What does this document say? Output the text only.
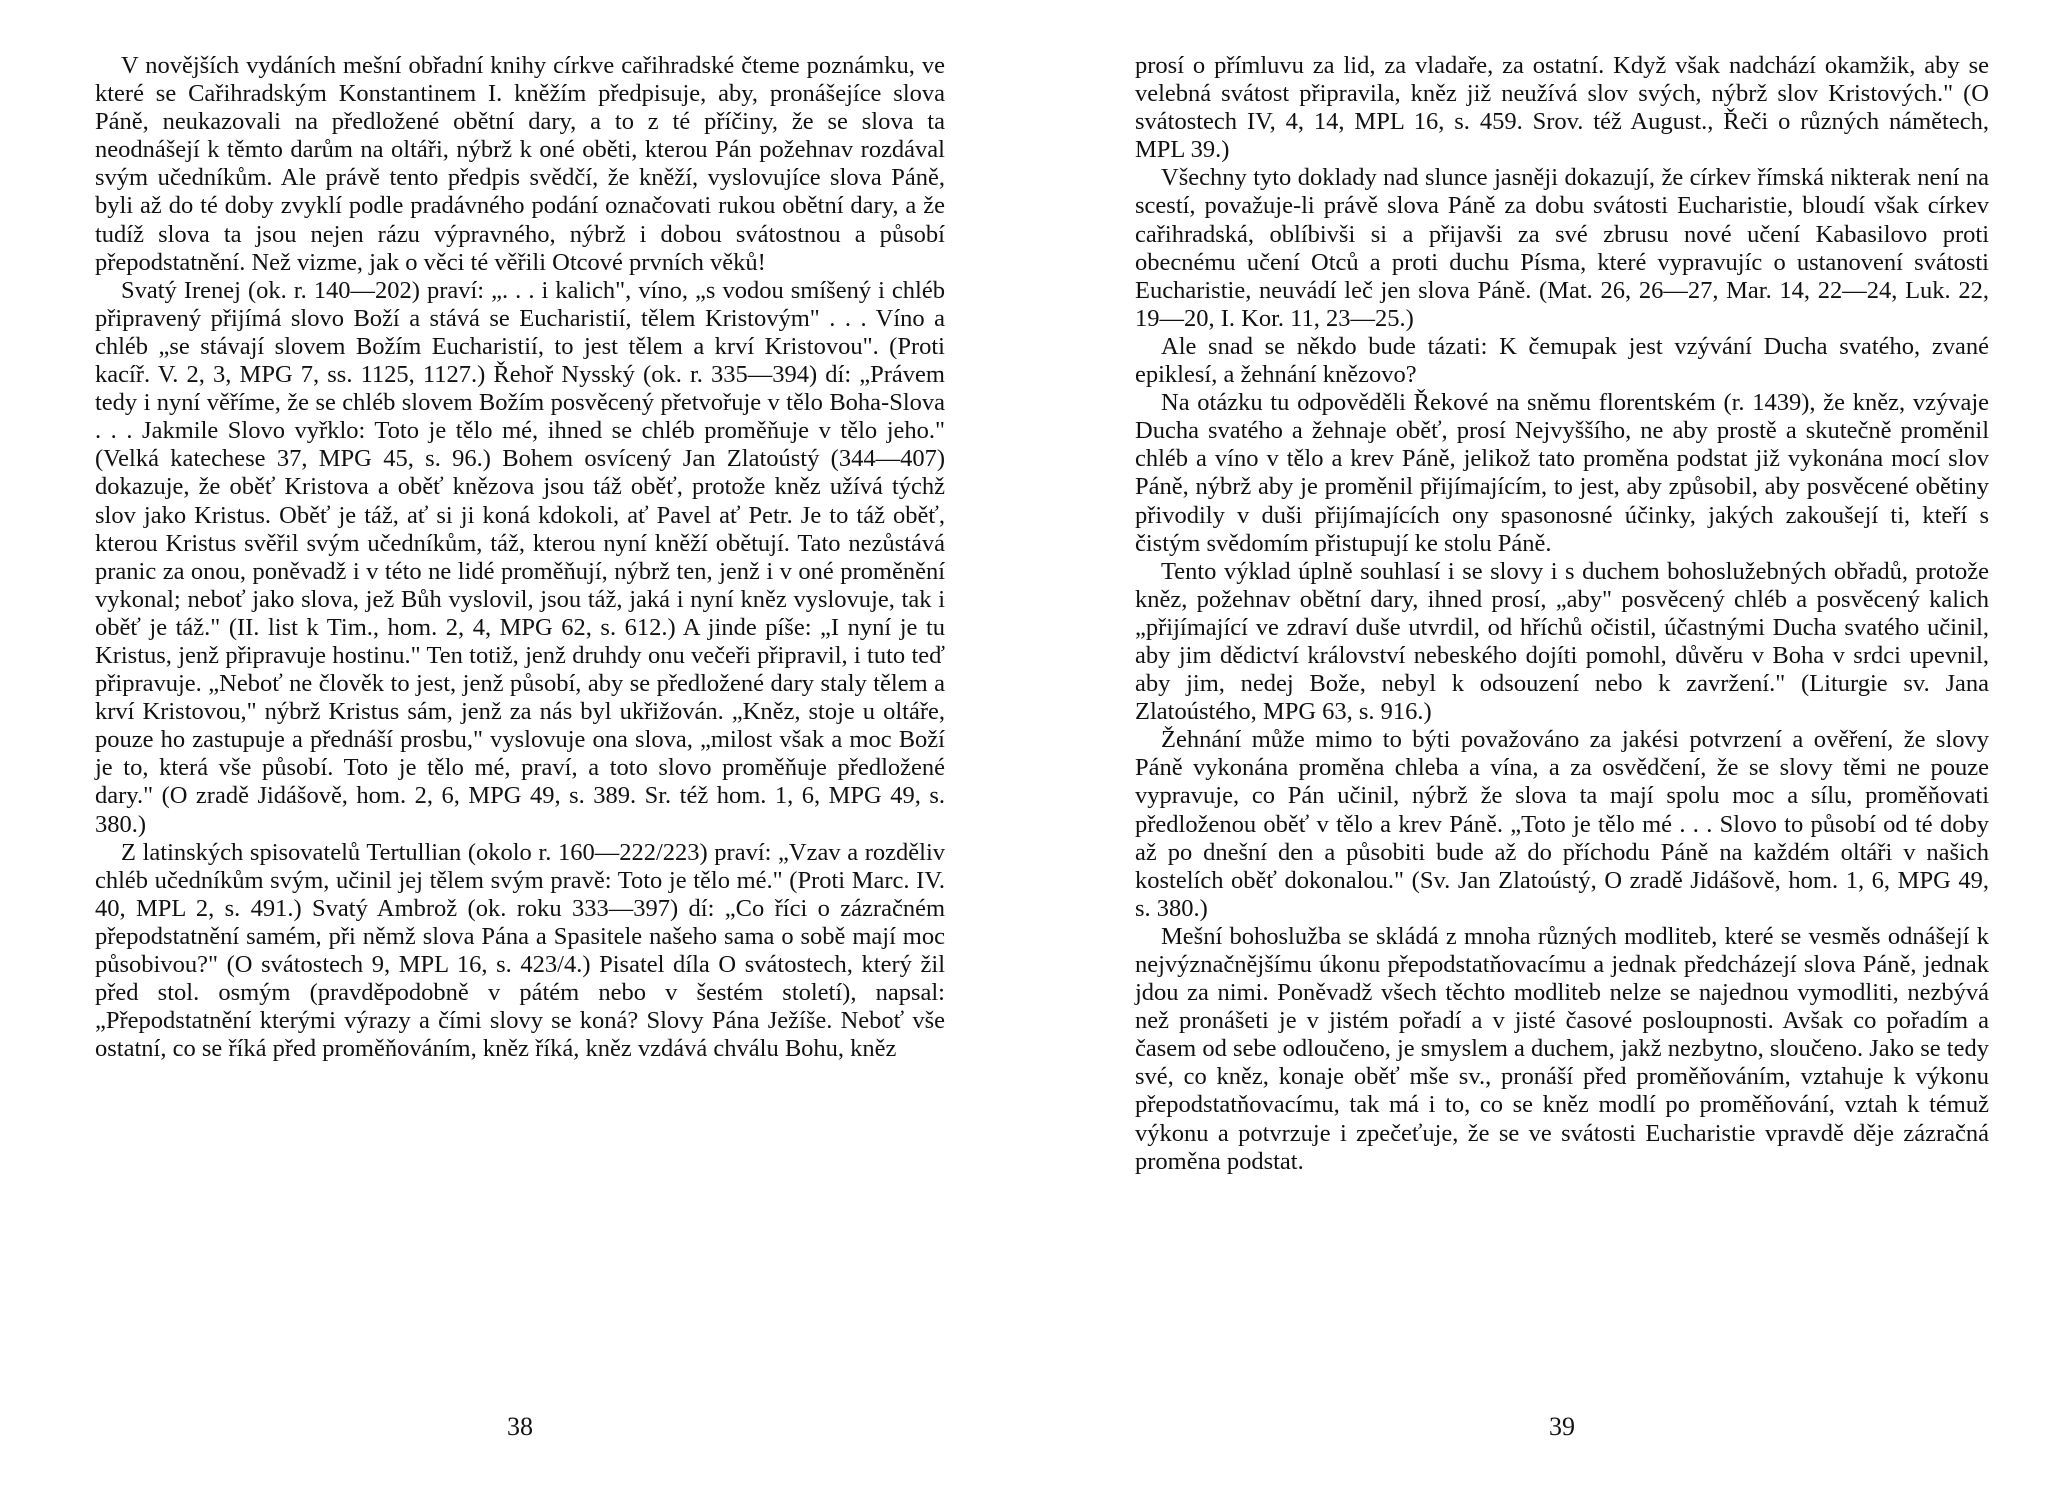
V novějších vydáních mešní obřadní knihy církve cařihradské čteme poznámku, ve které se Cařihradským Konstantinem I. kněžím předpisuje, aby, pronášejíce slova Páně, neukazovali na předložené obětní dary, a to z té příčiny, že se slova ta neodnášejí k těmto darům na oltáři, nýbrž k oné oběti, kterou Pán požehnav rozdával svým učedníkům. Ale právě tento předpis svědčí, že kněží, vyslovujíce slova Páně, byli až do té doby zvyklí podle pradávného podání označovati rukou obětní dary, a že tudíž slova ta jsou nejen rázu výpravného, nýbrž i dobou svátostnou a působí přepodstatnění. Než vizme, jak o věci té věřili Otcové prvních věků!

Svatý Irenej (ok. r. 140—202) praví: „. . . i kalich", víno, „s vodou smíšený i chléb připravený přijímá slovo Boží a stává se Eucharistií, tělem Kristovým" . . . Víno a chléb „se stávají slovem Božím Eucharistií, to jest tělem a krví Kristovou". (Proti kacíř. V. 2, 3, MPG 7, ss. 1125, 1127.) Řehoř Nysský (ok. r. 335—394) dí: „Právem tedy i nyní věříme, že se chléb slovem Božím posvěcený přetvořuje v tělo Boha-Slova . . . Jakmile Slovo vyřklo: Toto je tělo mé, ihned se chléb proměňuje v tělo jeho." (Velká katechese 37, MPG 45, s. 96.) Bohem osvícený Jan Zlatoústý (344—407) dokazuje, že oběť Kristova a oběť knězova jsou táž oběť, protože kněz užívá týchž slov jako Kristus. Oběť je táž, ať si ji koná kdokoli, ať Pavel ať Petr. Je to táž oběť, kterou Kristus svěřil svým učedníkům, táž, kterou nyní kněží obětují. Tato nezůstává pranic za onou, poněvadž i v této ne lidé proměňují, nýbrž ten, jenž i v oné proměnění vykonal; neboť jako slova, jež Bůh vyslovil, jsou táž, jaká i nyní kněz vyslovuje, tak i oběť je táž." (II. list k Tim., hom. 2, 4, MPG 62, s. 612.) A jinde píše: „I nyní je tu Kristus, jenž připravuje hostinu." Ten totiž, jenž druhdy onu večeři připravil, i tuto teď připravuje. „Neboť ne člověk to jest, jenž působí, aby se předložené dary staly tělem a krví Kristovou," nýbrž Kristus sám, jenž za nás byl ukřižován. „Kněz, stoje u oltáře, pouze ho zastupuje a přednáší prosbu," vyslovuje ona slova, „milost však a moc Boží je to, která vše působí. Toto je tělo mé, praví, a toto slovo proměňuje předložené dary." (O zradě Jidášově, hom. 2, 6, MPG 49, s. 389. Sr. též hom. 1, 6, MPG 49, s. 380.)

Z latinských spisovatelů Tertullian (okolo r. 160—222/223) praví: „Vzav a rozděliv chléb učedníkům svým, učinil jej tělem svým pravě: Toto je tělo mé." (Proti Marc. IV. 40, MPL 2, s. 491.) Svatý Ambrož (ok. roku 333—397) dí: „Co říci o zázračném přepodstatnění samém, při němž slova Pána a Spasitele našeho sama o sobě mají moc působivou?" (O svátostech 9, MPL 16, s. 423/4.) Pisatel díla O svátostech, který žil před stol. osmým (pravděpodobně v pátém nebo v šestém století), napsal: „Přepodstatnění kterými výrazy a čími slovy se koná? Slovy Pána Ježíše. Neboť vše ostatní, co se říká před proměňováním, kněz říká, kněz vzdává chválu Bohu, kněz

38

prosí o přímluvu za lid, za vladaře, za ostatní. Když však nadchází okamžik, aby se velebná svátost připravila, kněz již neužívá slov svých, nýbrž slov Kristových." (O svátostech IV, 4, 14, MPL 16, s. 459. Srov. též August., Řeči o různých námětech, MPL 39.)

Všechny tyto doklady nad slunce jasněji dokazují, že církev římská nikterak není na scestí, považuje-li právě slova Páně za dobu svátosti Eucharistie, bloudí však církev cařihradská, oblíbivši si a přijavši za své zbrusu nové učení Kabasilovo proti obecnému učení Otců a proti duchu Písma, které vypravujíc o ustanovení svátosti Eucharistie, neuvádí leč jen slova Páně. (Mat. 26, 26—27, Mar. 14, 22—24, Luk. 22, 19—20, I. Kor. 11, 23—25.)

Ale snad se někdo bude tázati: K čemupak jest vzývání Ducha svatého, zvané epiklesí, a žehnání knězovo?

Na otázku tu odpověděli Řekové na sněmu florentském (r. 1439), že kněz, vzývaje Ducha svatého a žehnaje oběť, prosí Nejvyššího, ne aby prostě a skutečně proměnil chléb a víno v tělo a krev Páně, jelikož tato proměna podstat již vykonána mocí slov Páně, nýbrž aby je proměnil přijímajícím, to jest, aby způsobil, aby posvěcené obětiny přivodily v duši přijímajících ony spasonosné účinky, jakých zakoušejí ti, kteří s čistým svědomím přistupují ke stolu Páně.

Tento výklad úplně souhlasí i se slovy i s duchem bohoslužebných obřadů, protože kněz, požehnav obětní dary, ihned prosí, „aby" posvěcený chléb a posvěcený kalich „přijímající ve zdraví duše utvrdil, od hříchů očistil, účastnými Ducha svatého učinil, aby jim dědictví království nebeského dojíti pomohl, důvěru v Boha v srdci upevnil, aby jim, nedej Bože, nebyl k odsouzení nebo k zavržení." (Liturgie sv. Jana Zlatoústého, MPG 63, s. 916.)

Žehnání může mimo to býti považováno za jakési potvrzení a ověření, že slovy Páně vykonána proměna chleba a vína, a za osvědčení, že se slovy těmi ne pouze vypravuje, co Pán učinil, nýbrž že slova ta mají spolu moc a sílu, proměňovati předloženou oběť v tělo a krev Páně. „Toto je tělo mé . . . Slovo to působí od té doby až po dnešní den a působiti bude až do příchodu Páně na každém oltáři v našich kostelích oběť dokonalou." (Sv. Jan Zlatoústý, O zradě Jidášově, hom. 1, 6, MPG 49, s. 380.)

Mešní bohoslužba se skládá z mnoha různých modliteb, které se vesměs odnášejí k nejvýznačnějšímu úkonu přepodstatňovacímu a jednak předcházejí slova Páně, jednak jdou za nimi. Poněvadž všech těchto modliteb nelze se najednou vymodliti, nezbývá než pronášeti je v jistém pořadí a v jisté časové posloupnosti. Avšak co pořadím a časem od sebe odloučeno, je smyslem a duchem, jakž nezbytno, sloučeno. Jako se tedy své, co kněz, konaje oběť mše sv., pronáší před proměňováním, vztahuje k výkonu přepodstatňovacímu, tak má i to, co se kněz modlí po proměňování, vztah k témuž výkonu a potvrzuje i zpečeťuje, že se ve svátosti Eucharistie vpravdě děje zázračná proměna podstat.

39
